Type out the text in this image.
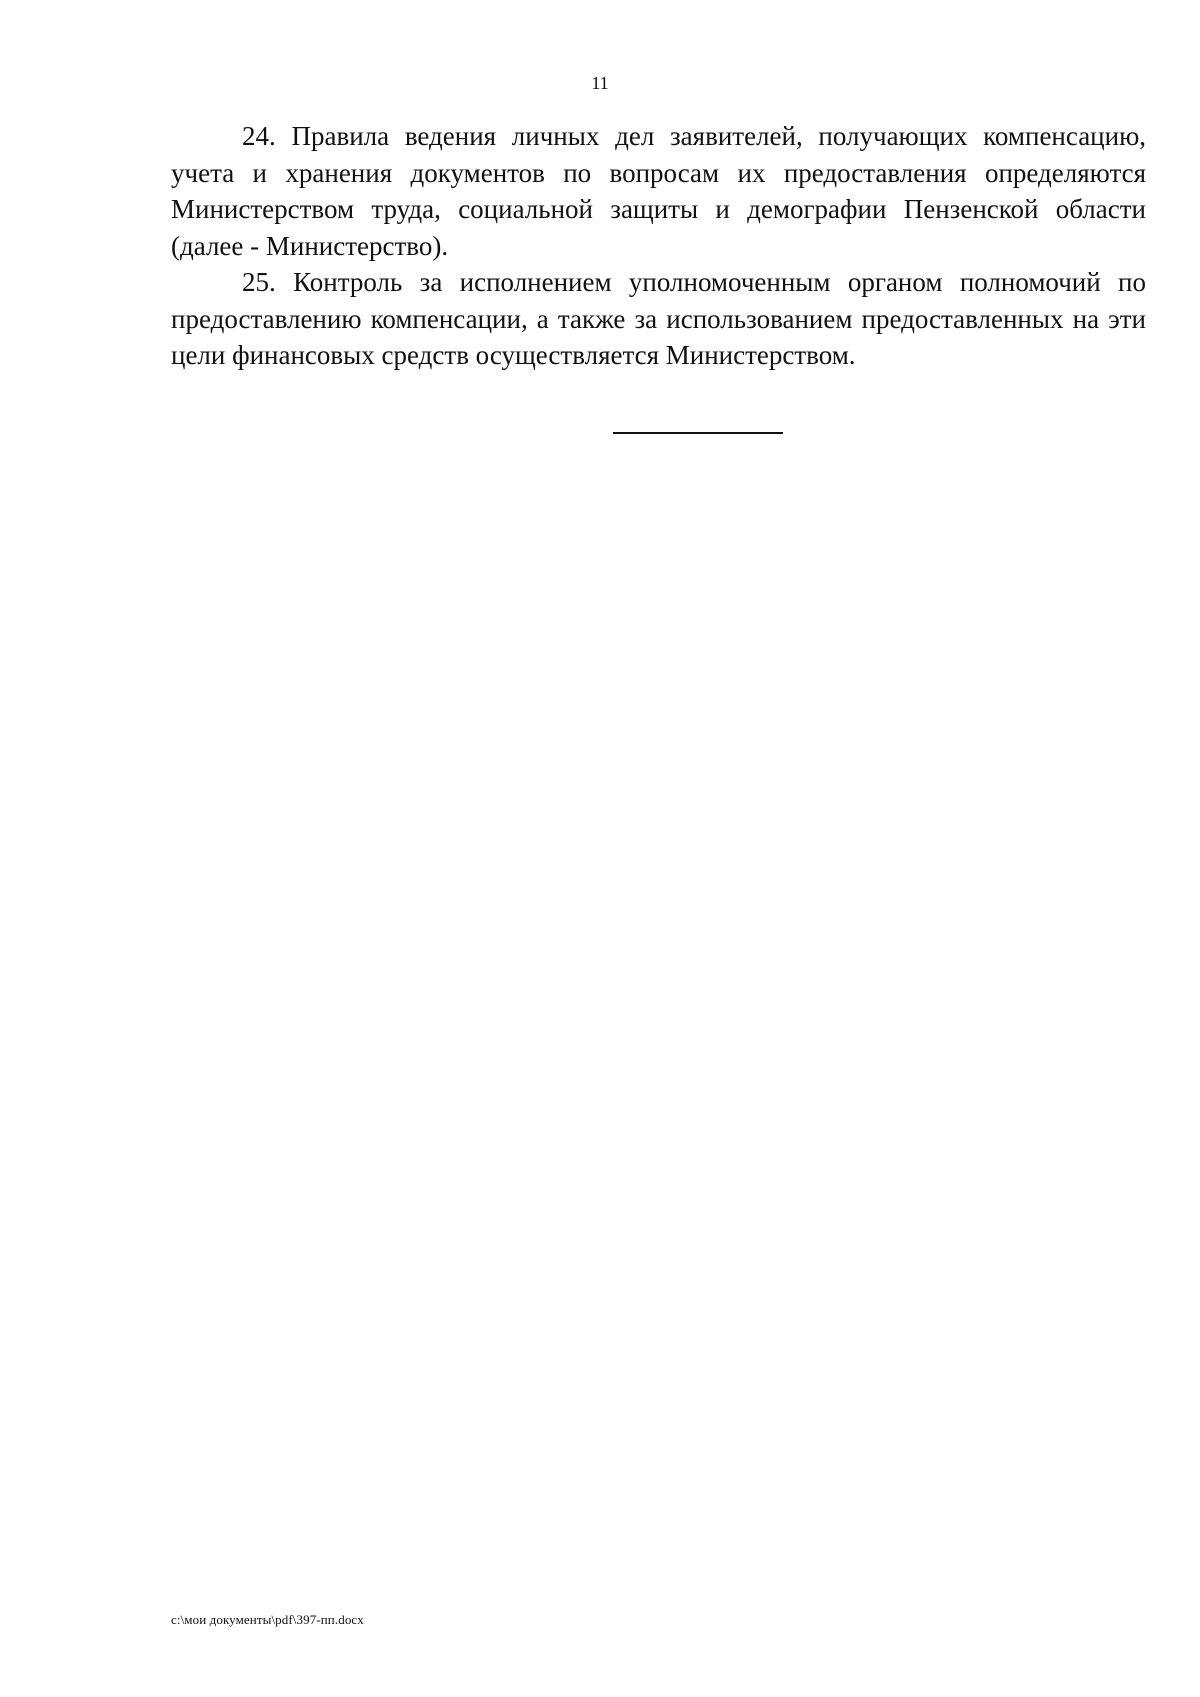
11

24. Правила ведения личных дел заявителей, получающих компенсацию, учета и хранения документов по вопросам их предоставления определяются Министерством труда, социальной защиты и демографии Пензенской области (далее - Министерство).

25. Контроль за исполнением уполномоченным органом полномочий по предоставлению компенсации, а также за использованием предоставленных на эти цели финансовых средств осуществляется Министерством.

c:\мои документы\pdf\397-пп.docx
